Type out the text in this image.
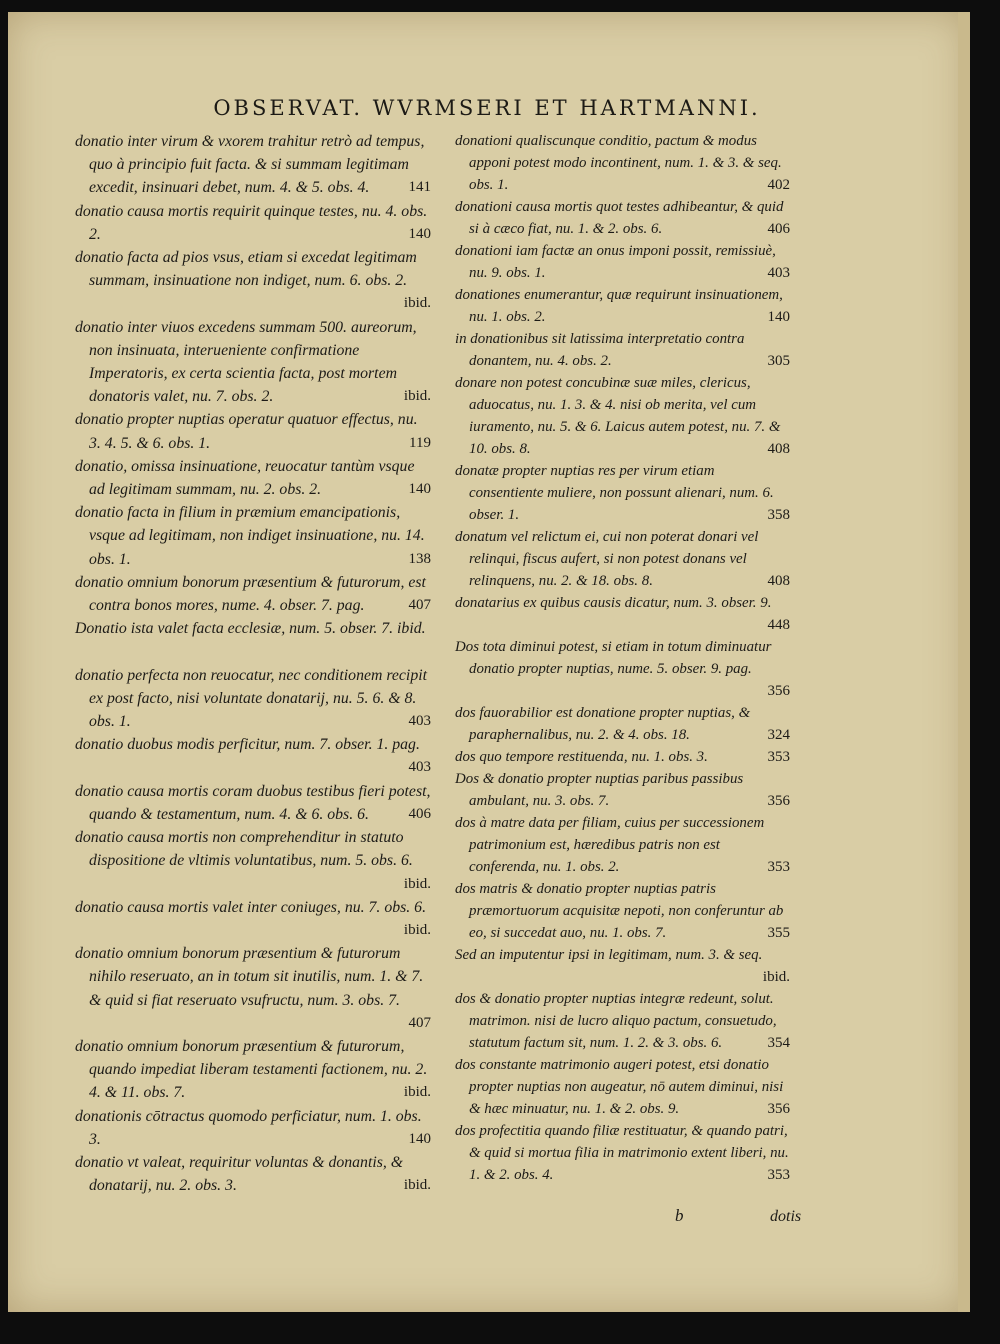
OBSERVAT. WVRMSERI ET HARTMANNI.

donatio inter virum & vxorem trahitur retrò ad tempus, quo à principio fuit facta. & si summam legitimam excedit, insinuari debet, num. 4. & 5. obs. 4.	141

donatio causa mortis requirit quinque testes, nu. 4. obs. 2.	140

donatio facta ad pios vsus, etiam si excedat legitimam summam, insinuatione non indiget, num. 6. obs. 2.
ibid.

donatio inter viuos excedens summam 500. aureorum, non insinuata, interueniente confirmatione Imperatoris, ex certa scientia facta, post mortem donatoris valet, nu. 7. obs. 2.	ibid.

donatio propter nuptias operatur quatuor effectus, nu. 3. 4. 5. & 6. obs. 1.	119

donatio, omissa insinuatione, reuocatur tantùm vsque ad legitimam summam, nu. 2. obs. 2.	140

donatio facta in filium in præmium emancipationis, vsque ad legitimam, non indiget insinuatione, nu. 14. obs. 1.	138

donatio omnium bonorum præsentium & futurorum, est contra bonos mores, nume. 4. obser. 7. pag.	407

Donatio ista valet facta ecclesiæ, num. 5. obser. 7. ibid.

donatio perfecta non reuocatur, nec conditionem recipit ex post facto, nisi voluntate donatarij, nu. 5. 6. & 8. obs. 1.	403

donatio duobus modis perficitur, num. 7. obser. 1. pag.
403

donatio causa mortis coram duobus testibus fieri potest, quando & testamentum, num. 4. & 6. obs. 6.	406

donatio causa mortis non comprehenditur in statuto dispositione de vltimis voluntatibus, num. 5. obs. 6.
ibid.

donatio causa mortis valet inter coniuges, nu. 7. obs. 6.
ibid.

donatio omnium bonorum præsentium & futurorum nihilo reseruato, an in totum sit inutilis, num. 1. & 7. & quid si fiat reseruato vsufructu, num. 3. obs. 7.
407

donatio omnium bonorum præsentium & futurorum, quando impediat liberam testamenti factionem, nu. 2. 4. & 11. obs. 7.	ibid.

donationis cōtractus quomodo perficiatur, num. 1. obs. 3.	140

donatio vt valeat, requiritur voluntas & donantis, & donatarij, nu. 2. obs. 3.	ibid.

donationi qualiscunque conditio, pactum & modus apponi potest modo incontinent, num. 1. & 3. & seq. obs. 1.	402

donationi causa mortis quot testes adhibeantur, & quid si à cæco fiat, nu. 1. & 2. obs. 6.	406

donationi iam factæ an onus imponi possit, remissiuè, nu. 9. obs. 1.	403

donationes enumerantur, quæ requirunt insinuationem, nu. 1. obs. 2.	140

in donationibus sit latissima interpretatio contra donantem, nu. 4. obs. 2.	305

donare non potest concubinæ suæ miles, clericus, aduocatus, nu. 1. 3. & 4. nisi ob merita, vel cum iuramento, nu. 5. & 6. Laicus autem potest, nu. 7. & 10. obs. 8.	408

donatæ propter nuptias res per virum etiam consentiente muliere, non possunt alienari, num. 6. obser. 1.	358

donatum vel relictum ei, cui non poterat donari vel relinqui, fiscus aufert, si non potest donans vel relinquens, nu. 2. & 18. obs. 8.	408

donatarius ex quibus causis dicatur, num. 3. obser. 9.
448

Dos tota diminui potest, si etiam in totum diminuatur donatio propter nuptias, nume. 5. obser. 9. pag.
356

dos fauorabilior est donatione propter nuptias, & paraphernalibus, nu. 2. & 4. obs. 18.	324

dos quo tempore restituenda, nu. 1. obs. 3.	353

Dos & donatio propter nuptias paribus passibus ambulant, nu. 3. obs. 7.	356

dos à matre data per filiam, cuius per successionem patrimonium est, hæredibus patris non est conferenda, nu. 1. obs. 2.	353

dos matris & donatio propter nuptias patris præmortuorum acquisitæ nepoti, non conferuntur ab eo, si succedat auo, nu. 1. obs. 7.	355

Sed an imputentur ipsi in legitimam, num. 3. & seq.
ibid.

dos & donatio propter nuptias integræ redeunt, solut. matrimon. nisi de lucro aliquo pactum, consuetudo, statutum factum sit, num. 1. 2. & 3. obs. 6.	354

dos constante matrimonio augeri potest, etsi donatio propter nuptias non augeatur, nō autem diminui, nisi & hæc minuatur, nu. 1. & 2. obs. 9.	356

dos profectitia quando filiæ restituatur, & quando patri, & quid si mortua filia in matrimonio extent liberi, nu. 1. & 2. obs. 4.	353

b	dotis
